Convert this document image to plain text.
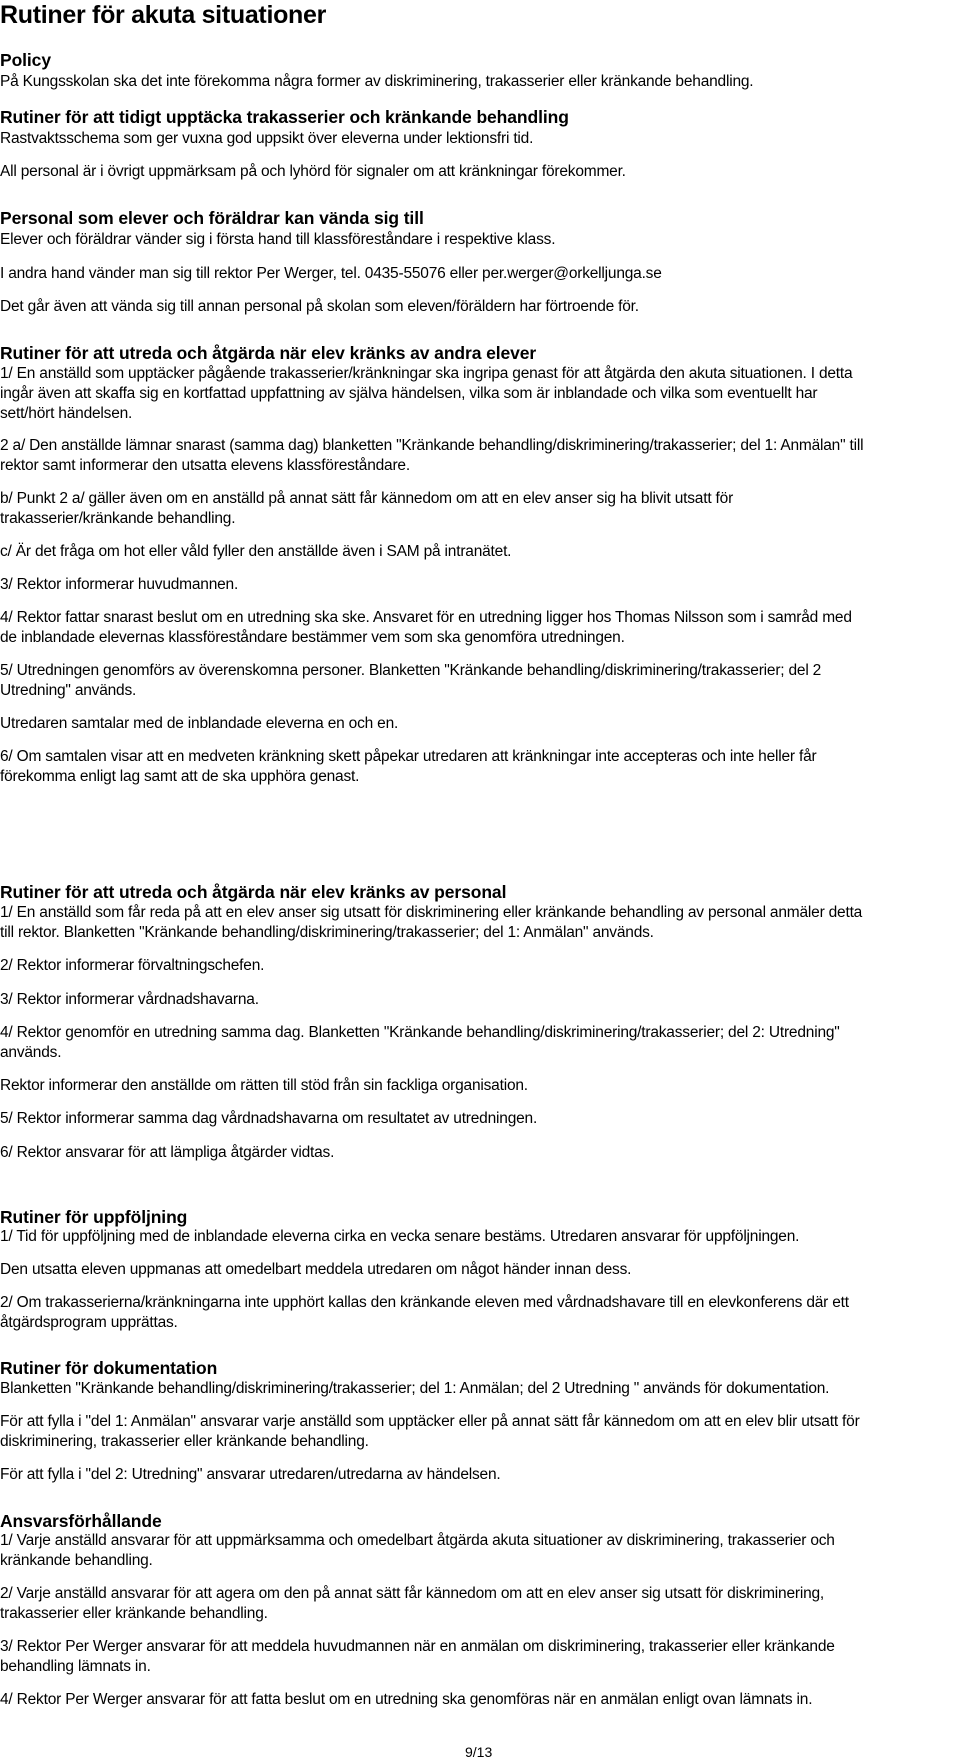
Rutiner för akuta situationer
Policy
På Kungsskolan ska det inte förekomma några former av diskriminering, trakasserier eller kränkande behandling.
Rutiner för att tidigt upptäcka trakasserier och kränkande behandling
Rastvaktsschema som ger vuxna god uppsikt över eleverna under lektionsfri tid.
All personal är i övrigt uppmärksam på och lyhörd för signaler om att kränkningar förekommer.
Personal som elever och föräldrar kan vända sig till
Elever och föräldrar vänder sig i första hand till klassföreståndare i respektive klass.
I andra hand vänder man sig till rektor Per Werger, tel. 0435-55076 eller per.werger@orkelljunga.se
Det går även att vända sig till annan personal på skolan som eleven/föräldern har förtroende för.
Rutiner för att utreda och åtgärda när elev kränks av andra elever
1/ En anställd som upptäcker pågående trakasserier/kränkningar ska ingripa genast för att åtgärda den akuta situationen. I detta
ingår även att skaffa sig en kortfattad uppfattning av själva händelsen, vilka som är inblandade och vilka som eventuellt har
sett/hört händelsen.
2 a/ Den anställde lämnar snarast (samma dag) blanketten "Kränkande behandling/diskriminering/trakasserier; del 1: Anmälan" till
rektor samt informerar den utsatta elevens klassföreståndare.
b/ Punkt 2 a/ gäller även om en anställd på annat sätt får kännedom om att en elev anser sig ha blivit utsatt för
trakasserier/kränkande behandling.
c/ Är det fråga om hot eller våld fyller den anställde även i SAM på intranätet.
3/ Rektor informerar huvudmannen.
4/ Rektor fattar snarast beslut om en utredning ska ske. Ansvaret för en utredning ligger hos Thomas Nilsson som i samråd med
de inblandade elevernas klassföreståndare bestämmer vem som ska genomföra utredningen.
5/ Utredningen genomförs av överenskomna personer. Blanketten "Kränkande behandling/diskriminering/trakasserier; del 2
Utredning" används.
Utredaren samtalar med de inblandade eleverna en och en.
6/ Om samtalen visar att en medveten kränkning skett påpekar utredaren att kränkningar inte accepteras och inte heller får
förekomma enligt lag samt att de ska upphöra genast.
Rutiner för att utreda och åtgärda när elev kränks av personal
1/ En anställd som får reda på att en elev anser sig utsatt för diskriminering eller kränkande behandling av personal anmäler detta
till rektor. Blanketten "Kränkande behandling/diskriminering/trakasserier; del 1: Anmälan" används.
2/ Rektor informerar förvaltningschefen.
3/ Rektor informerar vårdnadshavarna.
4/ Rektor genomför en utredning samma dag. Blanketten "Kränkande behandling/diskriminering/trakasserier; del 2: Utredning"
används.
Rektor informerar den anställde om rätten till stöd från sin fackliga organisation.
5/ Rektor informerar samma dag vårdnadshavarna om resultatet av utredningen.
6/ Rektor ansvarar för att lämpliga åtgärder vidtas.
Rutiner för uppföljning
1/ Tid för uppföljning med de inblandade eleverna cirka en vecka senare bestäms. Utredaren ansvarar för uppföljningen.
Den utsatta eleven uppmanas att omedelbart meddela utredaren om något händer innan dess.
2/ Om trakasserierna/kränkningarna inte upphört kallas den kränkande eleven med vårdnadshavare till en elevkonferens där ett
åtgärdsprogram upprättas.
Rutiner för dokumentation
Blanketten "Kränkande behandling/diskriminering/trakasserier; del 1: Anmälan; del 2 Utredning " används för dokumentation.
För att fylla i "del 1: Anmälan" ansvarar varje anställd som upptäcker eller på annat sätt får kännedom om att en elev blir utsatt för
diskriminering, trakasserier eller kränkande behandling.
För att fylla i "del 2: Utredning" ansvarar utredaren/utredarna av händelsen.
Ansvarsförhållande
1/ Varje anställd ansvarar för att uppmärksamma och omedelbart åtgärda akuta situationer av diskriminering, trakasserier och
kränkande behandling.
2/ Varje anställd ansvarar för att agera om den på annat sätt får kännedom om att en elev anser sig utsatt för diskriminering,
trakasserier eller kränkande behandling.
3/ Rektor Per Werger ansvarar för att meddela huvudmannen när en anmälan om diskriminering, trakasserier eller kränkande
behandling lämnats in.
4/ Rektor Per Werger ansvarar för att fatta beslut om en utredning ska genomföras när en anmälan enligt ovan lämnats in.
9/13
